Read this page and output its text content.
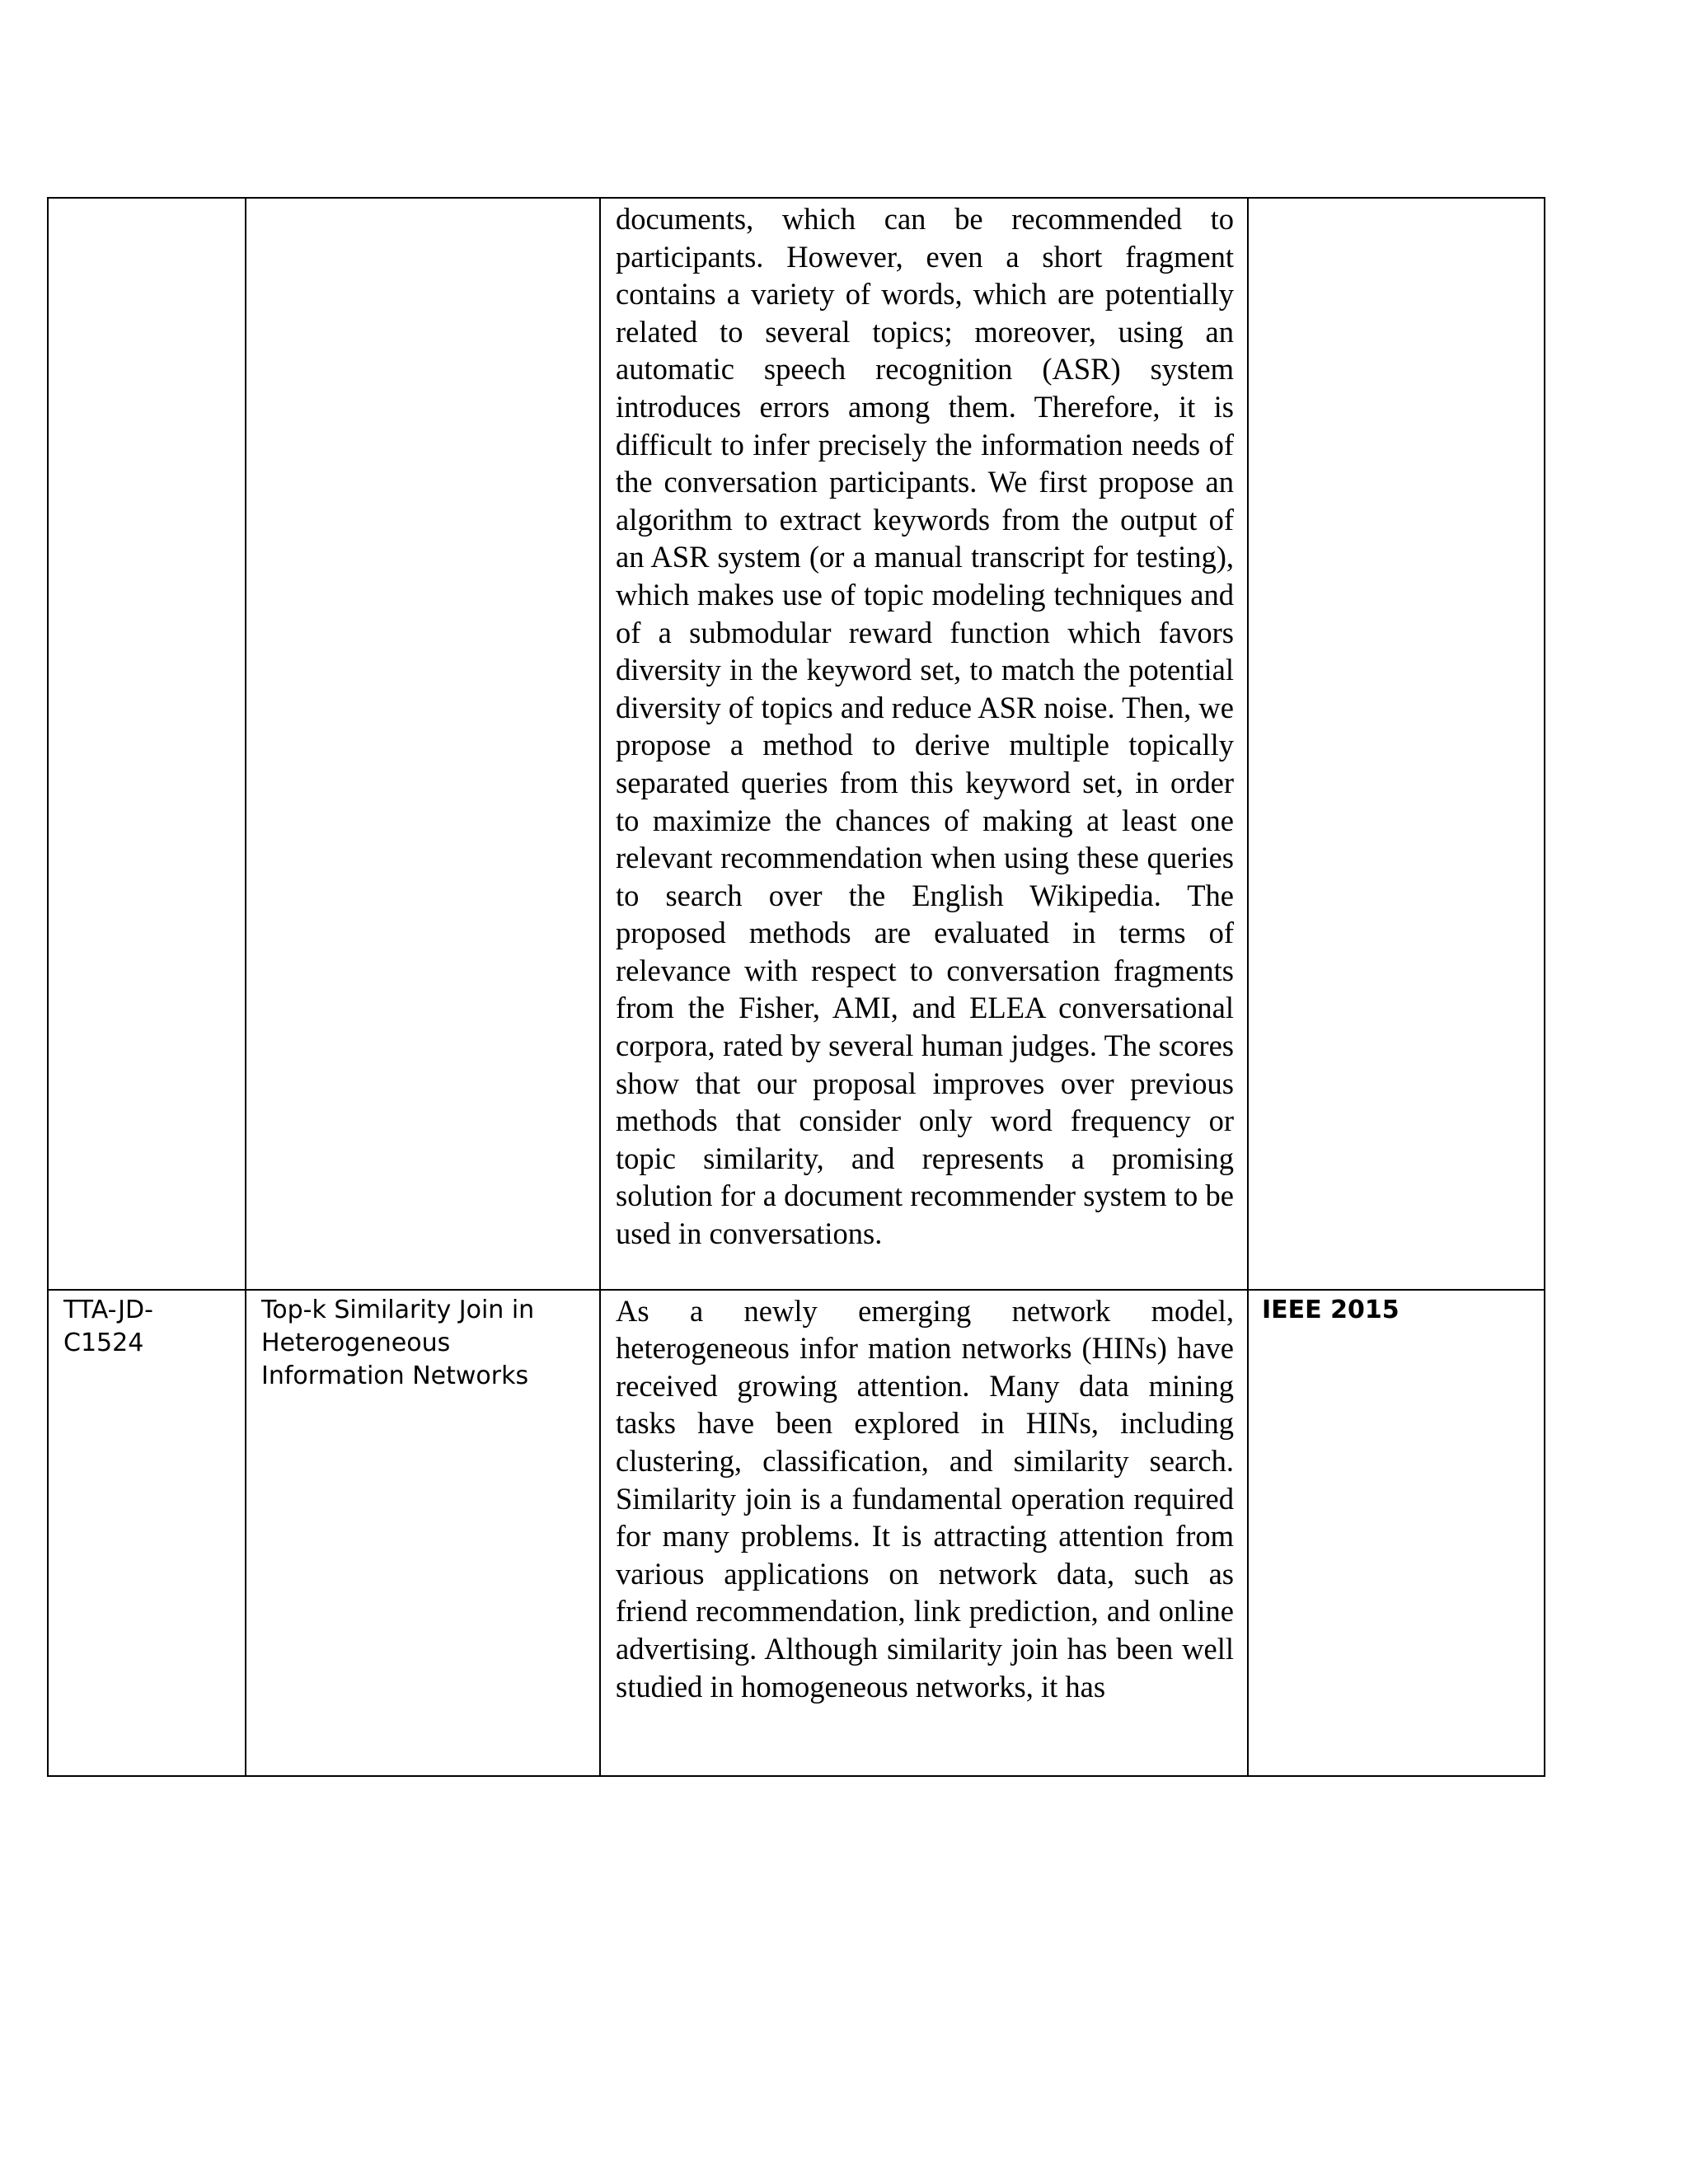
		documents, which can be recommended to participants. However, even a short fragment contains a variety of words, which are potentially related to several topics; moreover, using an automatic speech recognition (ASR) system introduces errors among them. Therefore, it is difficult to infer precisely the information needs of the conversation participants. We first propose an algorithm to extract keywords from the output of an ASR system (or a manual transcript for testing), which makes use of topic modeling techniques and of a submodular reward function which favors diversity in the keyword set, to match the potential diversity of topics and reduce ASR noise. Then, we propose a method to derive multiple topically separated queries from this keyword set, in order to maximize the chances of making at least one relevant recommendation when using these queries to search over the English Wikipedia. The proposed methods are evaluated in terms of relevance with respect to conversation fragments from the Fisher, AMI, and ELEA conversational corpora, rated by several human judges. The scores show that our proposal improves over previous methods that consider only word frequency or topic similarity, and represents a promising solution for a document recommender system to be used in conversations.	

TTA-JD-C1524	Top-k Similarity Join in Heterogeneous Information Networks	As a newly emerging network model, heterogeneous infor mation networks (HINs) have received growing attention. Many data mining tasks have been explored in HINs, including clustering, classification, and similarity search. Similarity join is a fundamental operation required for many problems. It is attracting attention from various applications on network data, such as friend recommendation, link prediction, and online advertising. Although similarity join has been well studied in homogeneous networks, it has	IEEE 2015
